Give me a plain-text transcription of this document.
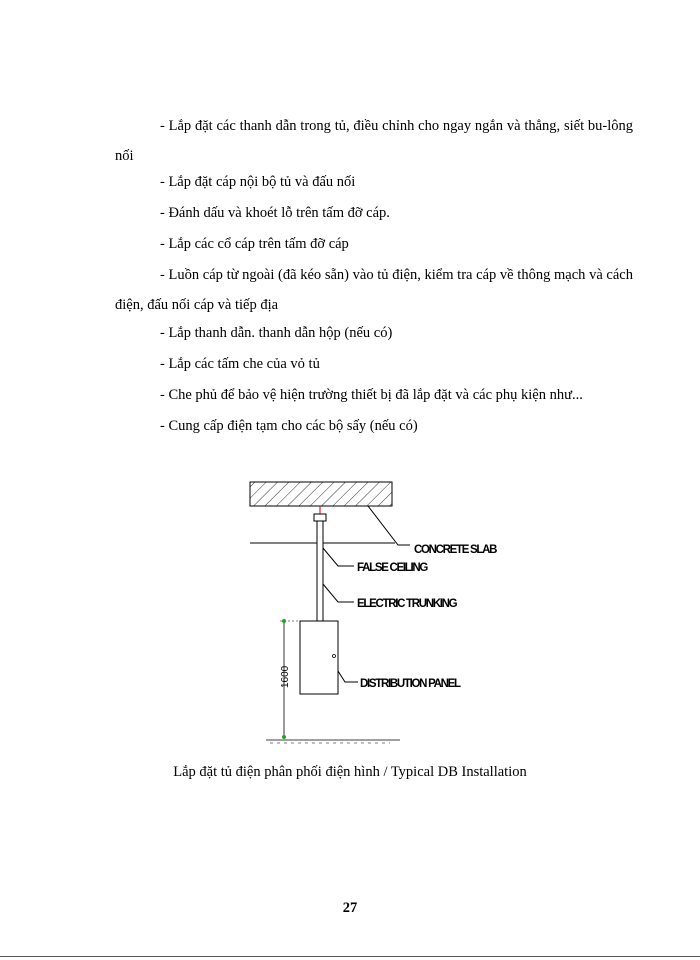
- Lắp đặt các thanh dẫn trong tủ, điều chỉnh cho ngay ngắn và thẳng, siết bu-lông nối

- Lắp đặt cáp nội bộ tủ và đấu nối

- Đánh dấu và khoét lỗ trên tấm đỡ cáp.

- Lắp các cổ cáp trên tấm đỡ cáp

- Luồn cáp từ ngoài (đã kéo sẵn) vào tủ điện, kiểm tra cáp về thông mạch và cách điện, đấu nối cáp và tiếp địa

- Lắp thanh dẫn. thanh dẫn hộp (nếu có)

- Lắp các tấm che của vỏ tủ

- Che phủ để bảo vệ hiện trường thiết bị đã lắp đặt và các phụ kiện như...

- Cung cấp điện tạm cho các bộ sấy (nếu có)

1600
CONCRETE SLAB
FALSE CEILING
ELECTRIC TRUNKING
DISTRIBUTION PANEL

Lắp đặt tủ điện phân phối điện hình / Typical DB Installation

27
